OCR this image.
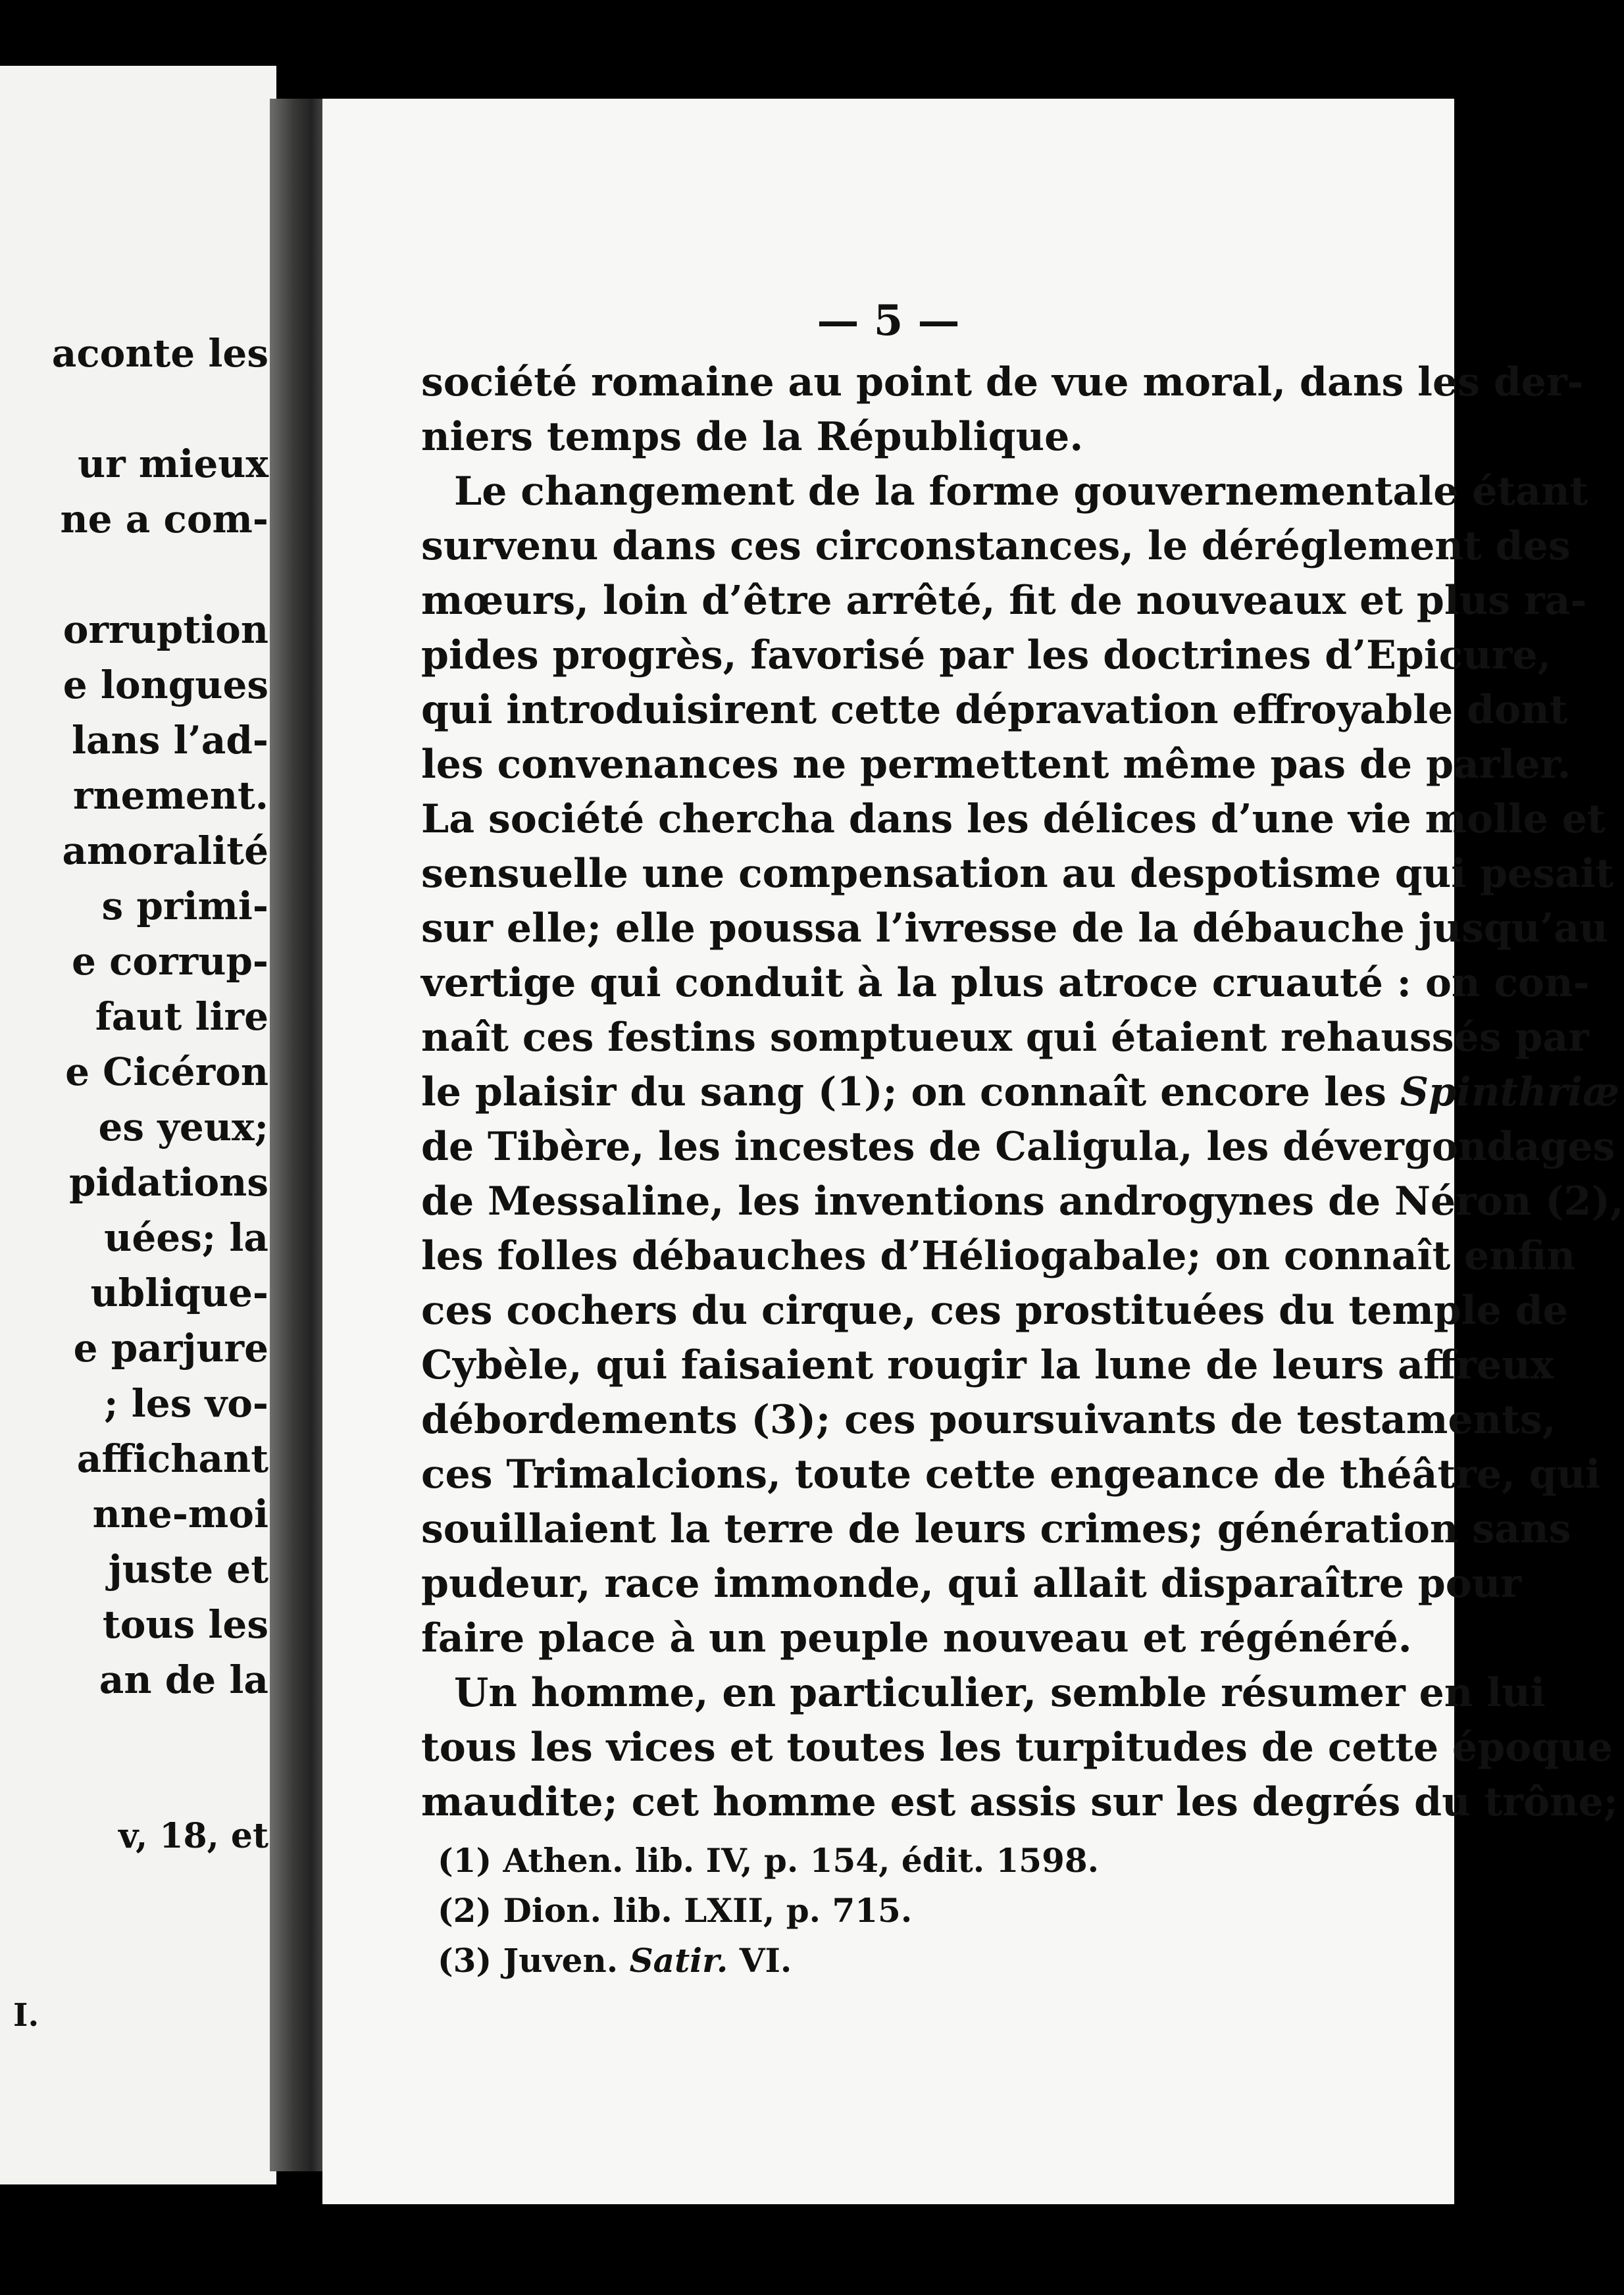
aconte les

ur mieux
ne a com-

orruption
e longues
lans l’ad-
rnement.
amoralité
s primi-
e corrup-
faut lire
e Cicéron
es yeux;
pidations
uées; la
ublique-
e parjure
; les vo-
affichant
nne-moi
juste et
tous les
an de la
v, 18, et
I.
— 5 —
société romaine au point de vue moral, dans les der-
niers temps de la République.
Le changement de la forme gouvernementale étant
survenu dans ces circonstances, le déréglement des
mœurs, loin d’être arrêté, fit de nouveaux et plus ra-
pides progrès, favorisé par les doctrines d’Epicure,
qui introduisirent cette dépravation effroyable dont
les convenances ne permettent même pas de parler.
La société chercha dans les délices d’une vie molle et
sensuelle une compensation au despotisme qui pesait
sur elle; elle poussa l’ivresse de la débauche jusqu’au
vertige qui conduit à la plus atroce cruauté : on con-
naît ces festins somptueux qui étaient rehaussés par
le plaisir du sang (1); on connaît encore les Spinthriæ
de Tibère, les incestes de Caligula, les dévergondages
de Messaline, les inventions androgynes de Néron (2),
les folles débauches d’Héliogabale; on connaît enfin
ces cochers du cirque, ces prostituées du temple de
Cybèle, qui faisaient rougir la lune de leurs affreux
débordements (3); ces poursuivants de testaments,
ces Trimalcions, toute cette engeance de théâtre, qui
souillaient la terre de leurs crimes; génération sans
pudeur, race immonde, qui allait disparaître pour
faire place à un peuple nouveau et régénéré.
Un homme, en particulier, semble résumer en lui
tous les vices et toutes les turpitudes de cette époque
maudite; cet homme est assis sur les degrés du trône;
(1) Athen. lib. IV, p. 154, édit. 1598.
(2) Dion. lib. LXII, p. 715.
(3) Juven. Satir. VI.
